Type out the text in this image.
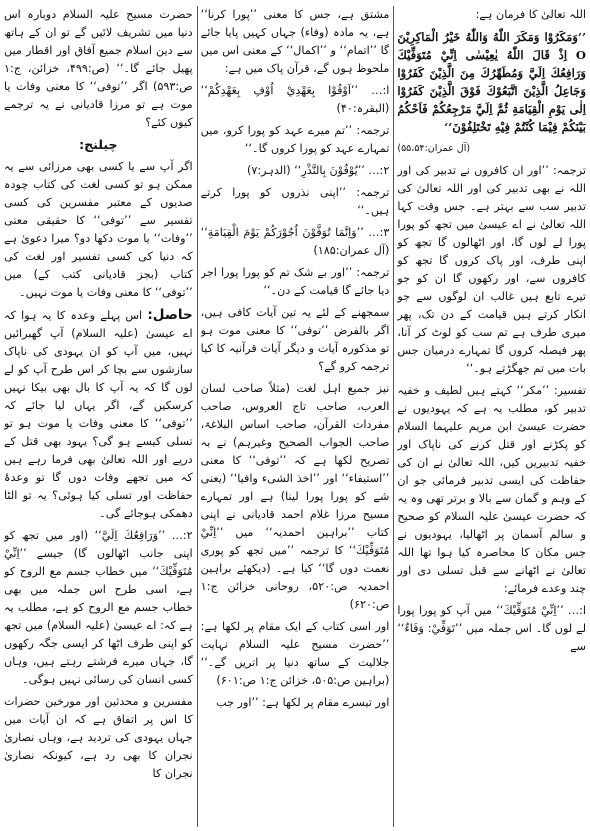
اللہ تعالیٰ کا فرمان ہے:

’’وَمَكَرُوْا وَمَكَرَ اللّٰهُ وَاللّٰهُ خَيْرُ الْمَاكِرِيْنَ O اِذْ قَالَ اللّٰهُ يٰعِيْسٰى اِنِّيْ مُتَوَفِّيْكَ وَرَافِعُكَ اِلَيَّ وَمُطَهِّرُكَ مِنَ الَّذِيْنَ كَفَرُوْا وَجَاعِلُ الَّذِيْنَ اتَّبَعُوْكَ فَوْقَ الَّذِيْنَ كَفَرُوْا اِلٰى يَوْمِ الْقِيَامَةِ ثُمَّ اِلَيَّ مَرْجِعُكُمْ فَاَحْكُمُ بَيْنَكُمْ فِيْمَا كُنْتُمْ فِيْهِ تَخْتَلِفُوْنَ‘‘

(آل عمران:۵۵،۵۴)

ترجمہ: ’’اور ان کافروں نے تدبیر کی اور اللہ نے بھی تدبیر کی اور اللہ تعالیٰ کی تدبیر سب سے بہتر ہے۔ جس وقت کہا اللہ تعالیٰ نے اے عیسیٰ میں تجھ کو پورا پورا لے لوں گا، اور اٹھالوں گا تجھ کو اپنی طرف، اور پاک کروں گا تجھ کو کافروں سے، اور رکھوں گا ان کو جو تیرے تابع ہیں غالب ان لوگوں سے جو انکار کرتے ہیں قیامت کے دن تک، پھر میری طرف ہے تم سب کو لوٹ کر آنا، پھر فیصلہ کروں گا تمہارے درمیان جس بات میں تم جھگڑتے ہو۔‘‘

تفسیر: ’’مکر‘‘ کہتے ہیں لطیف و خفیہ تدبیر کو، مطلب یہ ہے کہ یہودیوں نے حضرت عیسیٰ ابن مریم علیہما السلام کو پکڑنے اور قتل کرنے کی ناپاک اور خفیہ تدبیریں کیں، اللہ تعالیٰ نے ان کی حفاظت کی ایسی تدبیر فرمائی جو ان کے وہم و گمان سے بالا و برتر تھی وہ یہ کہ حضرت عیسیٰ علیہ السلام کو صحیح و سالم آسمان پر اٹھالیا، یہودیوں نے جس مکان کا محاصرہ کیا ہوا تھا اللہ تعالیٰ نے اٹھانے سے قبل تسلی دی اور چند وعدے فرمائے:

ا:… ’’اِنِّيْ مُتَوَفِّيْكَ‘‘ میں آپ کو پورا پورا لے لوں گا۔ اس جملہ میں ’’تَوَفِّيْ: وَفَاءٌ‘‘ سے

مشتق ہے، جس کا معنی ’’پورا کرنا‘‘ ہے، یہ مادہ (وفاء) جہاں کہیں پایا جائے گا ’’اتمام‘‘ و ’’اکمال‘‘ کے معنی اس میں ملحوظ ہوں گے، قرآن پاک میں ہے:

ا:… ’’اَوْفُوْا بِعَهْدِيْ اُوْفِ بِعَهْدِكُمْ‘‘ (البقرہ:۴۰)

ترجمہ: ’’تم میرے عہد کو پورا کرو، میں تمہارے عہد کو پورا کروں گا۔‘‘

۲:… ’’يُوْفُوْنَ بِالنَّذْرِ‘‘ (الدہر:۷)

ترجمہ: ’’اپنی نذروں کو پورا کرتے ہیں۔‘‘

۳:… ’’وَاِنَّمَا تُوَفَّوْنَ اُجُوْرَكُمْ يَوْمَ الْقِيَامَةِ‘‘ (آل عمران:۱۸۵)

ترجمہ: ’’اور بے شک تم کو پورا پورا اجر دیا جائے گا قیامت کے دن۔‘‘

سمجھنے کے لئے یہ تین آیات کافی ہیں، اگر بالفرض ’’توفی‘‘ کا معنی موت ہو تو مذکورہ آیات و دیگر آیات قرآنیہ کا کیا ترجمہ کرو گے؟

نیز جمیع اہل لغت (مثلاً صاحب لسان العرب، صاحب تاج العروس، صاحب مفردات القرآن، صاحب اساس البلاغۃ، صاحب الجواب الصحیح وغیرہم) نے بہ تصریح لکھا ہے کہ ’’توفی‘‘ کا معنی ’’استیفاء‘‘ اور ’’اخذ الشیء وافیا‘‘ (یعنی شے کو پورا پورا لینا) ہے اور تمہارے مسیح مرزا غلام احمد قادیانی نے اپنی کتاب ’’براہین احمدیہ‘‘ میں ’’اِنِّيْ مُتَوَفِّيْكَ‘‘ کا ترجمہ ’’میں تجھ کو پوری نعمت دوں گا‘‘ کیا ہے۔ (دیکھئے براہین احمدیہ ص:۵۲۰، روحانی خزائن ج:۱ ص:۶۲۰)

اور اسی کتاب کے ایک مقام پر لکھا ہے: ’’حضرت مسیح علیہ السلام نہایت جلالیت کے ساتھ دنیا پر اتریں گے۔‘‘ (براہین ص:۵۰۵، خزائن ج:۱ ص:۶۰۱)

اور تیسرے مقام پر لکھا ہے: ’’اور جب

حضرت مسیح علیہ السلام دوبارہ اس دنیا میں تشریف لائیں گے تو ان کے ہاتھ سے دین اسلام جمیع آفاق اور اقطار میں پھیل جائے گا۔‘‘ (ص:۴۹۹، خزائن، ج:۱ ص:۵۹۳) اگر ’’توفی‘‘ کا معنی وفات یا موت ہے تو مرزا قادیانی نے یہ ترجمے کیوں کئے؟

چیلنج:

اگر آپ سے یا کسی بھی مرزائی سے یہ ممکن ہو تو کسی لغت کی کتاب چودہ صدیوں کے معتبر مفسرین کی کسی تفسیر سے ’’توفی‘‘ کا حقیقی معنی ’’وفات‘‘ یا موت دکھا دو؟ میرا دعویٰ ہے کہ دنیا کی کسی تفسیر اور لغت کی کتاب (بجز قادیانی کتب کے) میں ’’توفی‘‘ کا معنی وفات یا موت نہیں۔

حاصل: اس پہلے وعدہ کا یہ ہوا کہ اے عیسیٰ (علیہ السلام) آپ گھبرائیں نہیں، میں آپ کو ان یہودی کی ناپاک سازشوں سے بچا کر اس طرح آپ کو لے لوں گا کہ یہ آپ کا بال بھی بیکا نہیں کرسکیں گے، اگر یہاں لیا جائے کہ ’’توفی‘‘ کا معنی وفات یا موت ہو تو تسلی کیسے ہو گی؟ یہود بھی قتل کے درپے اور اللہ تعالیٰ بھی فرما رہے ہیں کہ میں تجھے وفات دوں گا تو وعدۂ حفاظت اور تسلی کیا ہوئی؟ یہ تو الٹا دھمکی ہوجائے گی۔

۲:… ’’وَرَافِعُكَ اِلَيَّ‘‘ (اور میں تجھ کو اپنی جانب اٹھالوں گا) جیسے ’’اِنِّيْ مُتَوَفِّيْكَ‘‘ میں خطاب جسم مع الروح کو ہے، اسی طرح اس جملہ میں بھی خطاب جسم مع الروح کو ہے، مطلب یہ ہے کہ: اے عیسیٰ (علیہ السلام) میں تجھ کو اپنی طرف اٹھا کر ایسی جگہ رکھوں گا، جہاں میرے فرشتے رہتے ہیں، وہاں کسی انسان کی رسائی نہیں ہوگی۔

مفسرین و محدثین اور مورخین حضرات کا اس پر اتفاق ہے کہ ان آیات میں جہاں یہودی کی تردید ہے، وہاں نصاریٰ نجران کا بھی رد ہے، کیونکہ نصاریٰ نجران کا
